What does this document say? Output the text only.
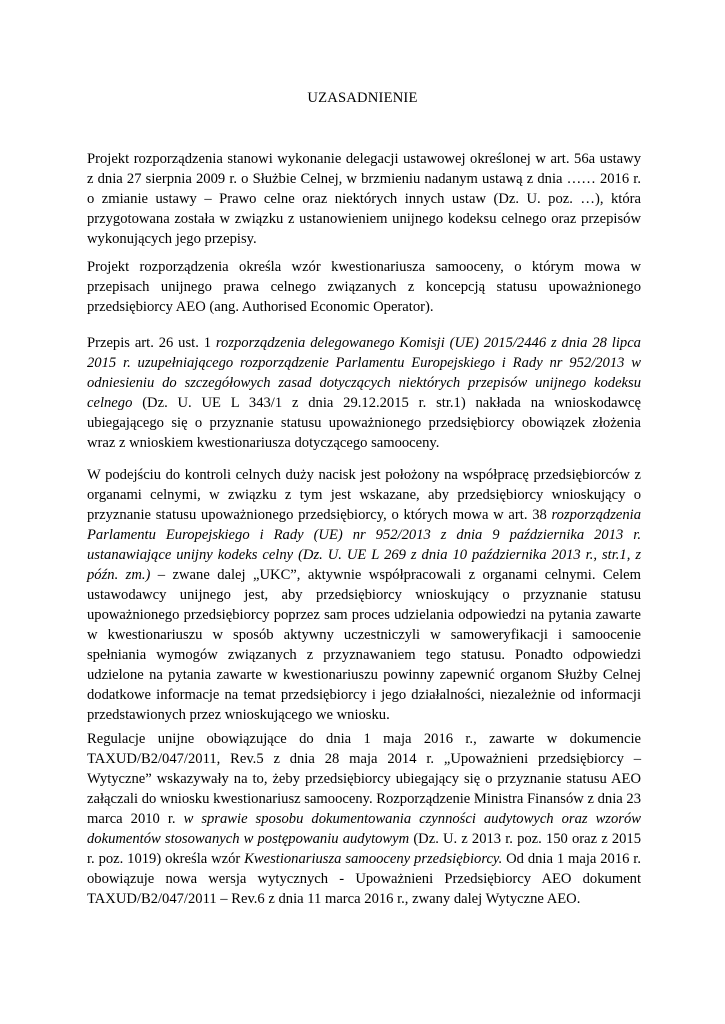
UZASADNIENIE

Projekt rozporządzenia stanowi wykonanie delegacji ustawowej określonej w art. 56a ustawy z dnia 27 sierpnia 2009 r. o Służbie Celnej, w brzmieniu nadanym ustawą z dnia …… 2016 r. o zmianie ustawy – Prawo celne oraz niektórych innych ustaw (Dz. U. poz. …), która przygotowana została w związku z ustanowieniem unijnego kodeksu celnego oraz przepisów wykonujących jego przepisy.

Projekt rozporządzenia określa wzór kwestionariusza samooceny, o którym mowa w przepisach unijnego prawa celnego związanych z koncepcją statusu upoważnionego przedsiębiorcy AEO (ang. Authorised Economic Operator).

Przepis art. 26 ust. 1 rozporządzenia delegowanego Komisji (UE) 2015/2446 z dnia 28 lipca 2015 r. uzupełniającego rozporządzenie Parlamentu Europejskiego i Rady nr 952/2013 w odniesieniu do szczegółowych zasad dotyczących niektórych przepisów unijnego kodeksu celnego (Dz. U. UE L 343/1 z dnia 29.12.2015 r. str.1) nakłada na wnioskodawcę ubiegającego się o przyznanie statusu upoważnionego przedsiębiorcy obowiązek złożenia wraz z wnioskiem kwestionariusza dotyczącego samooceny.

W podejściu do kontroli celnych duży nacisk jest położony na współpracę przedsiębiorców z organami celnymi, w związku z tym jest wskazane, aby przedsiębiorcy wnioskujący o przyznanie statusu upoważnionego przedsiębiorcy, o których mowa w art. 38 rozporządzenia Parlamentu Europejskiego i Rady (UE) nr 952/2013 z dnia 9 października 2013 r. ustanawiające unijny kodeks celny (Dz. U. UE L 269 z dnia 10 października 2013 r., str.1, z późn. zm.) – zwane dalej „UKC”, aktywnie współpracowali z organami celnymi. Celem ustawodawcy unijnego jest, aby przedsiębiorcy wnioskujący o przyznanie statusu upoważnionego przedsiębiorcy poprzez sam proces udzielania odpowiedzi na pytania zawarte w kwestionariuszu w sposób aktywny uczestniczyli w samoweryfikacji i samoocenie spełniania wymogów związanych z przyznawaniem tego statusu. Ponadto odpowiedzi udzielone na pytania zawarte w kwestionariuszu powinny zapewnić organom Służby Celnej dodatkowe informacje na temat przedsiębiorcy i jego działalności, niezależnie od informacji przedstawionych przez wnioskującego we wniosku.

Regulacje unijne obowiązujące do dnia 1 maja 2016 r., zawarte w dokumencie TAXUD/B2/047/2011, Rev.5 z dnia 28 maja 2014 r. „Upoważnieni przedsiębiorcy – Wytyczne” wskazywały na to, żeby przedsiębiorcy ubiegający się o przyznanie statusu AEO załączali do wniosku kwestionariusz samooceny. Rozporządzenie Ministra Finansów z dnia 23 marca 2010 r. w sprawie sposobu dokumentowania czynności audytowych oraz wzorów dokumentów stosowanych w postępowaniu audytowym (Dz. U. z 2013 r. poz. 150 oraz z 2015 r. poz. 1019) określa wzór Kwestionariusza samooceny przedsiębiorcy. Od dnia 1 maja 2016 r. obowiązuje nowa wersja wytycznych - Upoważnieni Przedsiębiorcy AEO dokument TAXUD/B2/047/2011 – Rev.6 z dnia 11 marca 2016 r., zwany dalej Wytyczne AEO.
